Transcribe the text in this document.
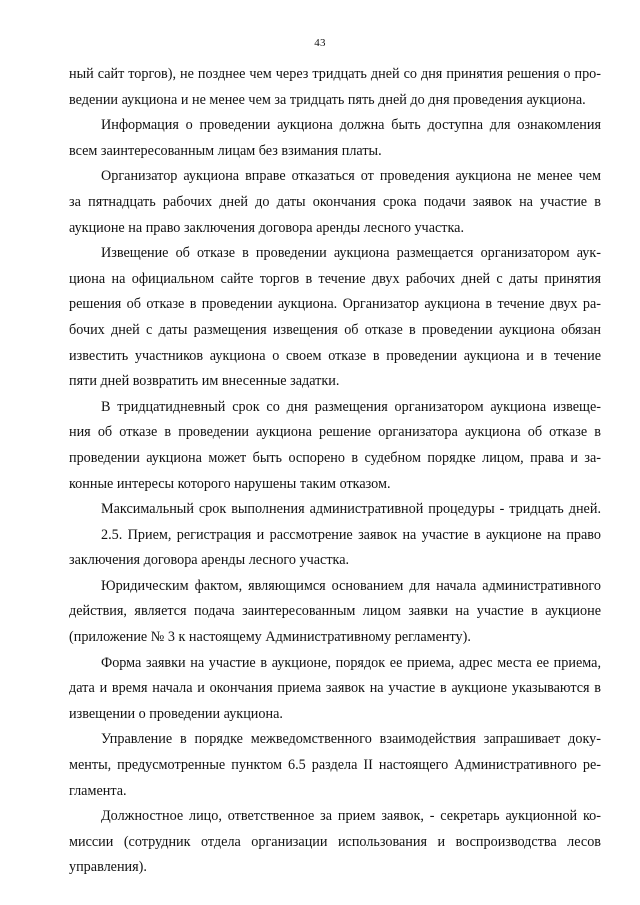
43
ный сайт торгов), не позднее чем через тридцать дней со дня принятия решения о про-
ведении аукциона и не менее чем за тридцать пять дней до дня проведения аукциона.
Информация о проведении аукциона должна быть доступна для ознакомления
всем заинтересованным лицам без взимания платы.
Организатор аукциона вправе отказаться от проведения аукциона не менее чем
за пятнадцать рабочих дней до даты окончания срока подачи заявок на участие в
аукционе на право заключения договора аренды лесного участка.
Извещение об отказе в проведении аукциона размещается организатором аук-
циона на официальном сайте торгов в течение двух рабочих дней с даты принятия
решения об отказе в проведении аукциона. Организатор аукциона в течение двух ра-
бочих дней с даты размещения извещения об отказе в проведении аукциона обязан
известить участников аукциона о своем отказе в проведении аукциона и в течение
пяти дней возвратить им внесенные задатки.
В тридцатидневный срок со дня размещения организатором аукциона извеще-
ния об отказе в проведении аукциона решение организатора аукциона об отказе в
проведении аукциона может быть оспорено в судебном порядке лицом, права и за-
конные интересы которого нарушены таким отказом.
Максимальный срок выполнения административной процедуры - тридцать дней.
2.5. Прием, регистрация и рассмотрение заявок на участие в аукционе на право
заключения договора аренды лесного участка.
Юридическим фактом, являющимся основанием для начала административного
действия, является подача заинтересованным лицом заявки на участие в аукционе
(приложение № 3 к настоящему Административному регламенту).
Форма заявки на участие в аукционе, порядок ее приема, адрес места ее приема,
дата и время начала и окончания приема заявок на участие в аукционе указываются в
извещении о проведении аукциона.
Управление в порядке межведомственного взаимодействия запрашивает доку-
менты, предусмотренные пунктом 6.5 раздела II настоящего Административного ре-
гламента.
Должностное лицо, ответственное за прием заявок, - секретарь аукционной ко-
миссии (сотрудник отдела организации использования и воспроизводства лесов
управления).
